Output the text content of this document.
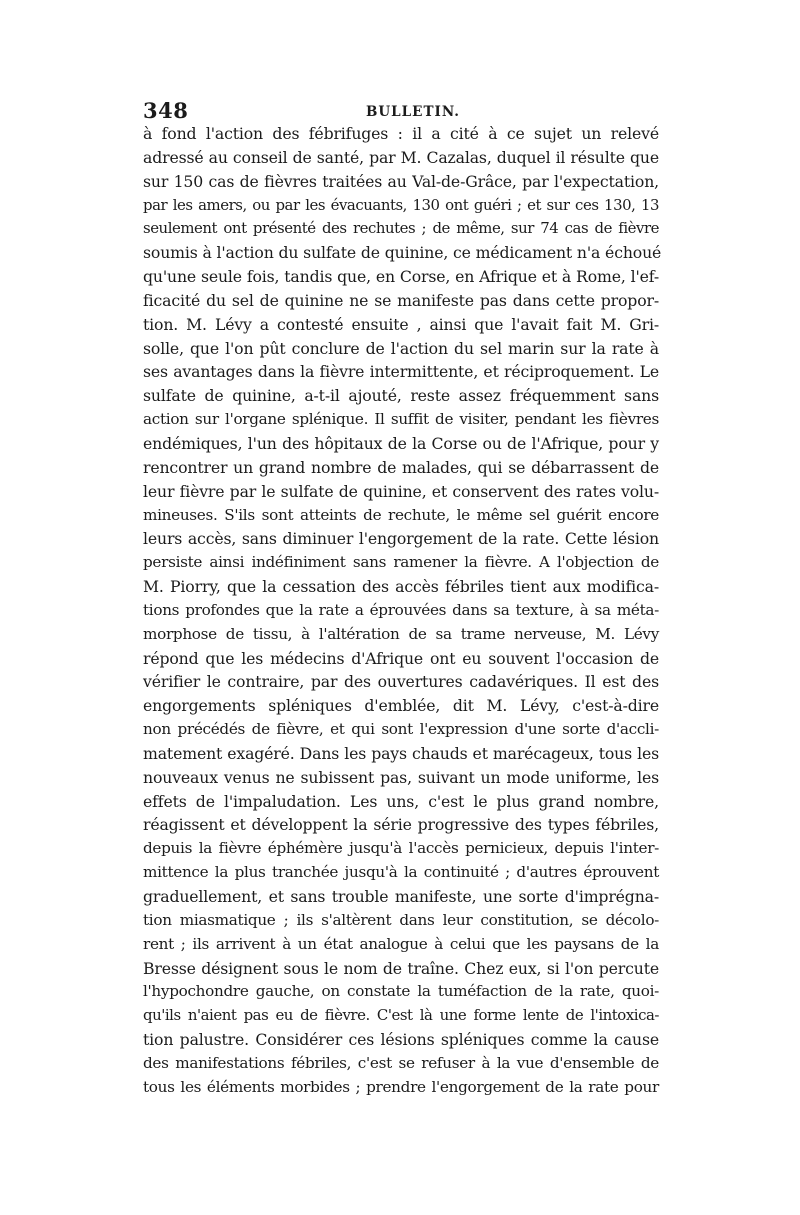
348	BULLETIN.
à fond l'action des fébrifuges : il a cité à ce sujet un relevé
adressé au conseil de santé, par M. Cazalas, duquel il résulte que
sur 150 cas de fièvres traitées au Val-de-Grâce, par l'expectation,
par les amers, ou par les évacuants, 130 ont guéri ; et sur ces 130, 13
seulement ont présenté des rechutes ; de même, sur 74 cas de fièvre
soumis à l'action du sulfate de quinine, ce médicament n'a échoué
qu'une seule fois, tandis que, en Corse, en Afrique et à Rome, l'ef-
ficacité du sel de quinine ne se manifeste pas dans cette propor-
tion. M. Lévy a contesté ensuite , ainsi que l'avait fait M. Gri-
solle, que l'on pût conclure de l'action du sel marin sur la rate à
ses avantages dans la fièvre intermittente, et réciproquement. Le
sulfate de quinine, a-t-il ajouté, reste assez fréquemment sans
action sur l'organe splénique. Il suffit de visiter, pendant les fièvres
endémiques, l'un des hôpitaux de la Corse ou de l'Afrique, pour y
rencontrer un grand nombre de malades, qui se débarrassent de
leur fièvre par le sulfate de quinine, et conservent des rates volu-
mineuses. S'ils sont atteints de rechute, le même sel guérit encore
leurs accès, sans diminuer l'engorgement de la rate. Cette lésion
persiste ainsi indéfiniment sans ramener la fièvre. A l'objection de
M. Piorry, que la cessation des accès fébriles tient aux modifica-
tions profondes que la rate a éprouvées dans sa texture, à sa méta-
morphose de tissu, à l'altération de sa trame nerveuse, M. Lévy
répond que les médecins d'Afrique ont eu souvent l'occasion de
vérifier le contraire, par des ouvertures cadavériques. Il est des
engorgements spléniques d'emblée, dit M. Lévy, c'est-à-dire
non précédés de fièvre, et qui sont l'expression d'une sorte d'accli-
matement exagéré. Dans les pays chauds et marécageux, tous les
nouveaux venus ne subissent pas, suivant un mode uniforme, les
effets de l'impaludation. Les uns, c'est le plus grand nombre,
réagissent et développent la série progressive des types fébriles,
depuis la fièvre éphémère jusqu'à l'accès pernicieux, depuis l'inter-
mittence la plus tranchée jusqu'à la continuité ; d'autres éprouvent
graduellement, et sans trouble manifeste, une sorte d'imprégna-
tion miasmatique ; ils s'altèrent dans leur constitution, se décolo-
rent ; ils arrivent à un état analogue à celui que les paysans de la
Bresse désignent sous le nom de traîne. Chez eux, si l'on percute
l'hypochondre gauche, on constate la tuméfaction de la rate, quoi-
qu'ils n'aient pas eu de fièvre. C'est là une forme lente de l'intoxica-
tion palustre. Considérer ces lésions spléniques comme la cause
des manifestations fébriles, c'est se refuser à la vue d'ensemble de
tous les éléments morbides ; prendre l'engorgement de la rate pour
